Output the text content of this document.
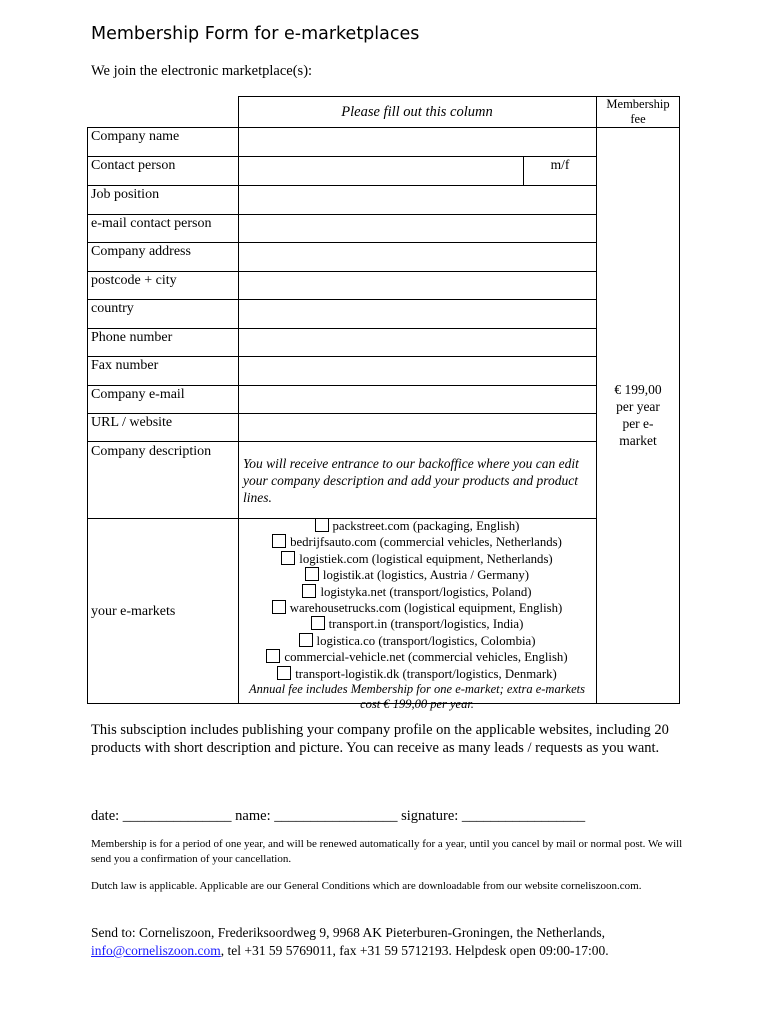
Membership Form for e-marketplaces
We join the electronic marketplace(s):
Please fill out this column	Membership
fee
Company name
Contact person
Job position
e-mail contact person
Company address
postcode + city
country
Phone number
Fax number
Company e-mail
URL / website
Company description
your e-markets
m/f
€ 199,00
per year
per e-
market
You will receive entrance to our backoffice where you can edit your company description and add your products and product lines.
packstreet.com (packaging, English)
bedrijfsauto.com (commercial vehicles, Netherlands)
logistiek.com (logistical equipment, Netherlands)
logistik.at (logistics, Austria / Germany)
logistyka.net (transport/logistics, Poland)
warehousetrucks.com (logistical equipment, English)
transport.in (transport/logistics, India)
logistica.co (transport/logistics, Colombia)
commercial-vehicle.net (commercial vehicles, English)
transport-logistik.dk (transport/logistics, Denmark)
Annual fee includes Membership for one e-market; extra e-markets cost € 199,00 per year.
This subsciption includes publishing your company profile on the applicable websites, including 20 products with short description and picture. You can receive as many leads / requests as you want.
date: _______________ name: _________________ signature: _________________
Membership is for a period of one year, and will be renewed automatically for a year, until you cancel by mail or normal post. We will send you a confirmation of your cancellation.
Dutch law is applicable. Applicable are our General Conditions which are downloadable from our website corneliszoon.com.
Send to: Corneliszoon, Frederiksoordweg 9, 9968 AK Pieterburen-Groningen, the Netherlands, info@corneliszoon.com, tel +31 59 5769011, fax +31 59 5712193. Helpdesk open 09:00-17:00.
